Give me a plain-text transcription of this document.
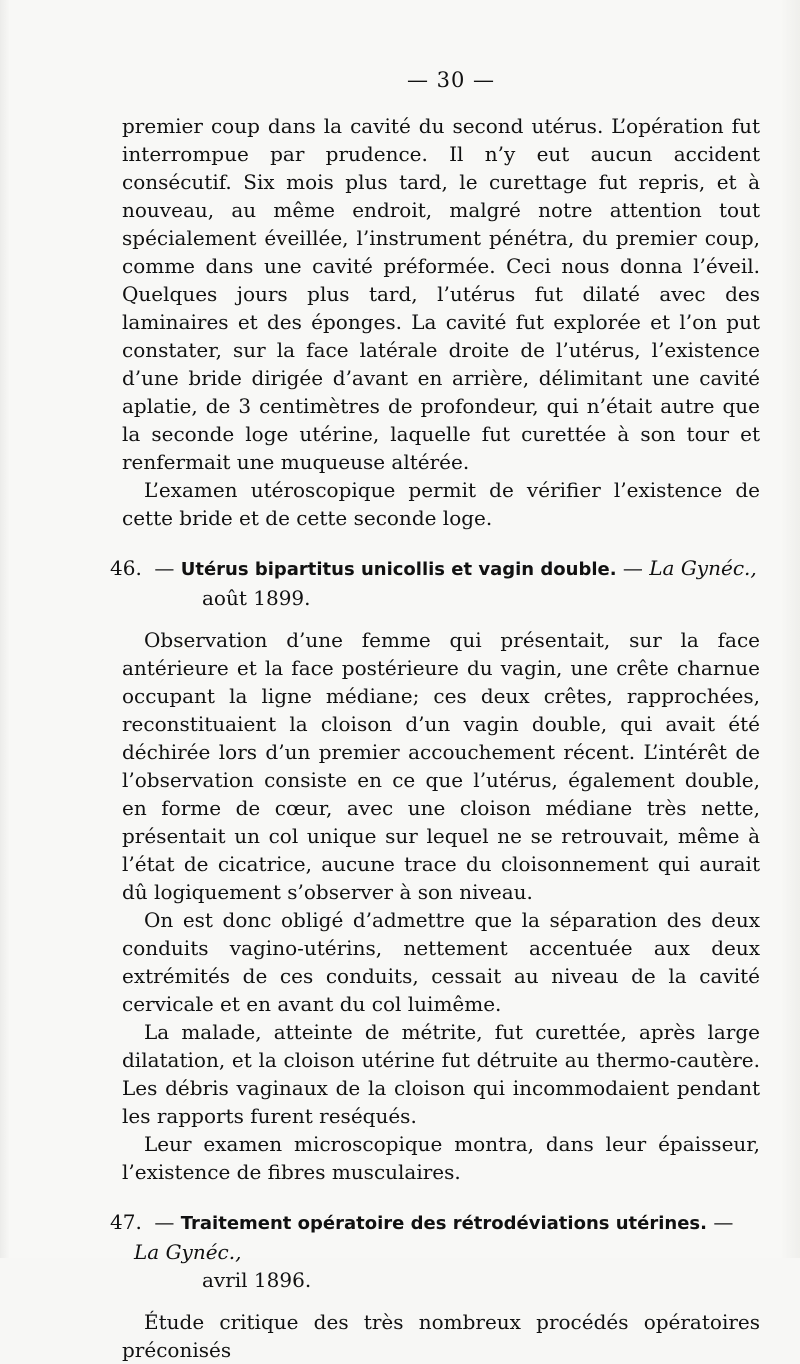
— 30 —

premier coup dans la cavité du second utérus. L’opération fut interrompue par prudence. Il n’y eut aucun accident consécutif. Six mois plus tard, le curettage fut repris, et à nouveau, au même endroit, malgré notre attention tout spécialement éveillée, l’instrument pénétra, du premier coup, comme dans une cavité préformée. Ceci nous donna l’éveil. Quelques jours plus tard, l’utérus fut dilaté avec des laminaires et des éponges. La cavité fut explorée et l’on put constater, sur la face latérale droite de l’utérus, l’existence d’une bride dirigée d’avant en arrière, délimitant une cavité aplatie, de 3 centimètres de profondeur, qui n’était autre que la seconde loge utérine, laquelle fut curettée à son tour et renfermait une muqueuse altérée.

L’examen utéroscopique permit de vérifier l’existence de cette bride et de cette seconde loge.

46. — Utérus bipartitus unicollis et vagin double. — La Gynéc.,
août 1899.

Observation d’une femme qui présentait, sur la face antérieure et la face postérieure du vagin, une crête charnue occupant la ligne médiane; ces deux crêtes, rapprochées, reconstituaient la cloison d’un vagin double, qui avait été déchirée lors d’un premier accouchement récent. L’intérêt de l’observation consiste en ce que l’utérus, également double, en forme de cœur, avec une cloison médiane très nette, présentait un col unique sur lequel ne se retrouvait, même à l’état de cicatrice, aucune trace du cloisonnement qui aurait dû logiquement s’observer à son niveau.

On est donc obligé d’admettre que la séparation des deux conduits vagino-utérins, nettement accentuée aux deux extrémités de ces conduits, cessait au niveau de la cavité cervicale et en avant du col luimême.

La malade, atteinte de métrite, fut curettée, après large dilatation, et la cloison utérine fut détruite au thermo-cautère. Les débris vaginaux de la cloison qui incommodaient pendant les rapports furent reséqués.

Leur examen microscopique montra, dans leur épaisseur, l’existence de fibres musculaires.

47. — Traitement opératoire des rétrodéviations utérines. — La Gynéc.,
avril 1896.

Étude critique des très nombreux procédés opératoires préconisés
